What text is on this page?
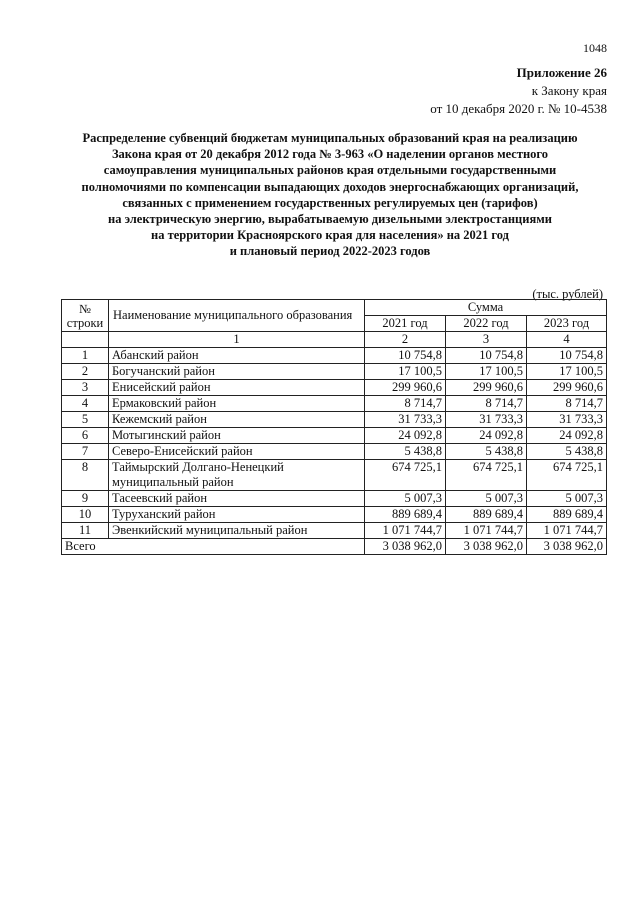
1048
Приложение 26
к Закону края
от 10 декабря 2020 г. № 10-4538
Распределение субвенций бюджетам муниципальных образований края на реализацию
Закона края от 20 декабря 2012 года № 3-963 «О наделении органов местного
самоуправления муниципальных районов края отдельными государственными
полномочиями по компенсации выпадающих доходов энергоснабжающих организаций,
связанных с применением государственных регулируемых цен (тарифов)
на электрическую энергию, вырабатываемую дизельными электростанциями
на территории Красноярского края для населения» на 2021 год
и плановый период 2022-2023 годов
(тыс. рублей)
№
строки	Наименование муниципального образования	Сумма		
		2021 год	2022 год	2023 год
	1	2	3	4
1	Абанский район	10 754,8	10 754,8	10 754,8
2	Богучанский район	17 100,5	17 100,5	17 100,5
3	Енисейский район	299 960,6	299 960,6	299 960,6
4	Ермаковский район	8 714,7	8 714,7	8 714,7
5	Кежемский район	31 733,3	31 733,3	31 733,3
6	Мотыгинский район	24 092,8	24 092,8	24 092,8
7	Северо-Енисейский район	5 438,8	5 438,8	5 438,8
8	Таймырский Долгано-Ненецкий
муниципальный район	674 725,1	674 725,1	674 725,1
9	Тасеевский район	5 007,3	5 007,3	5 007,3
10	Туруханский район	889 689,4	889 689,4	889 689,4
11	Эвенкийский муниципальный район	1 071 744,7	1 071 744,7	1 071 744,7
Всего		3 038 962,0	3 038 962,0	3 038 962,0
